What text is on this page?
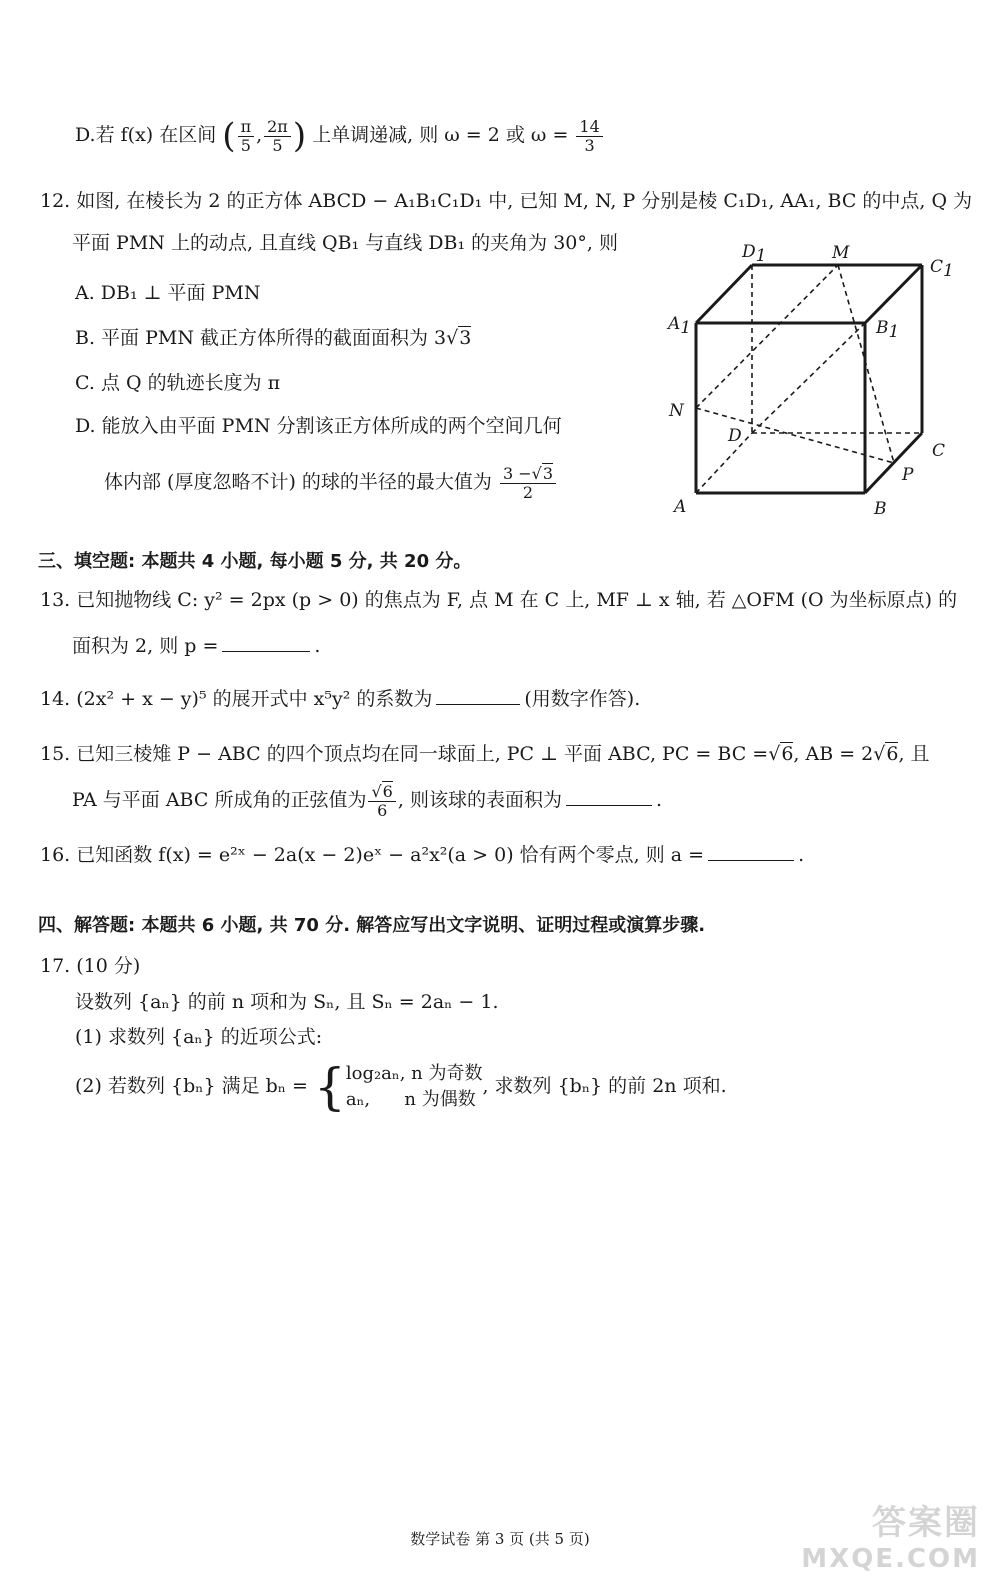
D.若 f(x) 在区间 ( $\frac{\pi}{5}$ , $\frac{2\pi}{5}$ ) 上单调递减, 则 ω = 2 或 $\omega = \frac{14}{3}$
12. 如图, 在棱长为 2 的正方体 ABCD − A₁B₁C₁D₁ 中, 已知 M, N, P 分别是棱 C₁D₁, AA₁, BC 的中点, Q 为
平面 PMN 上的动点, 且直线 QB₁ 与直线 DB₁ 的夹角为 30°, 则
A. DB₁ ⊥ 平面 PMN
B. 平面 PMN 截正方体所得的截面面积为 3√3
C. 点 Q 的轨迹长度为 π
D. 能放入由平面 PMN 分割该正方体所成的两个空间几何
体内部 (厚度忽略不计) 的球的半径的最大值为 $\frac{3 -√3}{2}$
D1	M
C1
A1	B1
N
D
C
P
A	B
三、填空题: 本题共 4 小题, 每小题 5 分, 共 20 分。
13. 已知抛物线 C: y² = 2px (p > 0) 的焦点为 F, 点 M 在 C 上, MF ⊥ x 轴, 若 △OFM (O 为坐标原点) 的
面积为 2, 则 p =	.
14. (2x² + x − y)⁵ 的展开式中 x⁵y² 的系数为	(用数字作答).
15. 已知三棱雉 P − ABC 的四个顶点均在同一球面上, PC ⊥ 平面 ABC, PC = BC =√6, AB = 2√6, 且
PA 与平面 ABC 所成角的正弦值为 $\frac{√6}{6}$ , 则该球的表面积为	.
16. 已知函数 f(x) = e²ˣ − 2a(x − 2)eˣ − a²x²(a > 0) 恰有两个零点, 则 a =	.
四、解答题: 本题共 6 小题, 共 70 分. 解答应写出文字说明、证明过程或演算步骤.
17. (10 分)
设数列 {aₙ} 的前 n 项和为 Sₙ, 且 Sₙ = 2aₙ − 1.
(1) 求数列 {aₙ} 的近项公式:
(2) 若数列 {bₙ} 满足 bₙ = { log₂aₙ, n 为奇数
aₙ,      n 为偶数
, 求数列 {bₙ} 的前 2n 项和.
数学试卷 第 3 页 (共 5 页)	答案圈
MXQE.COM
